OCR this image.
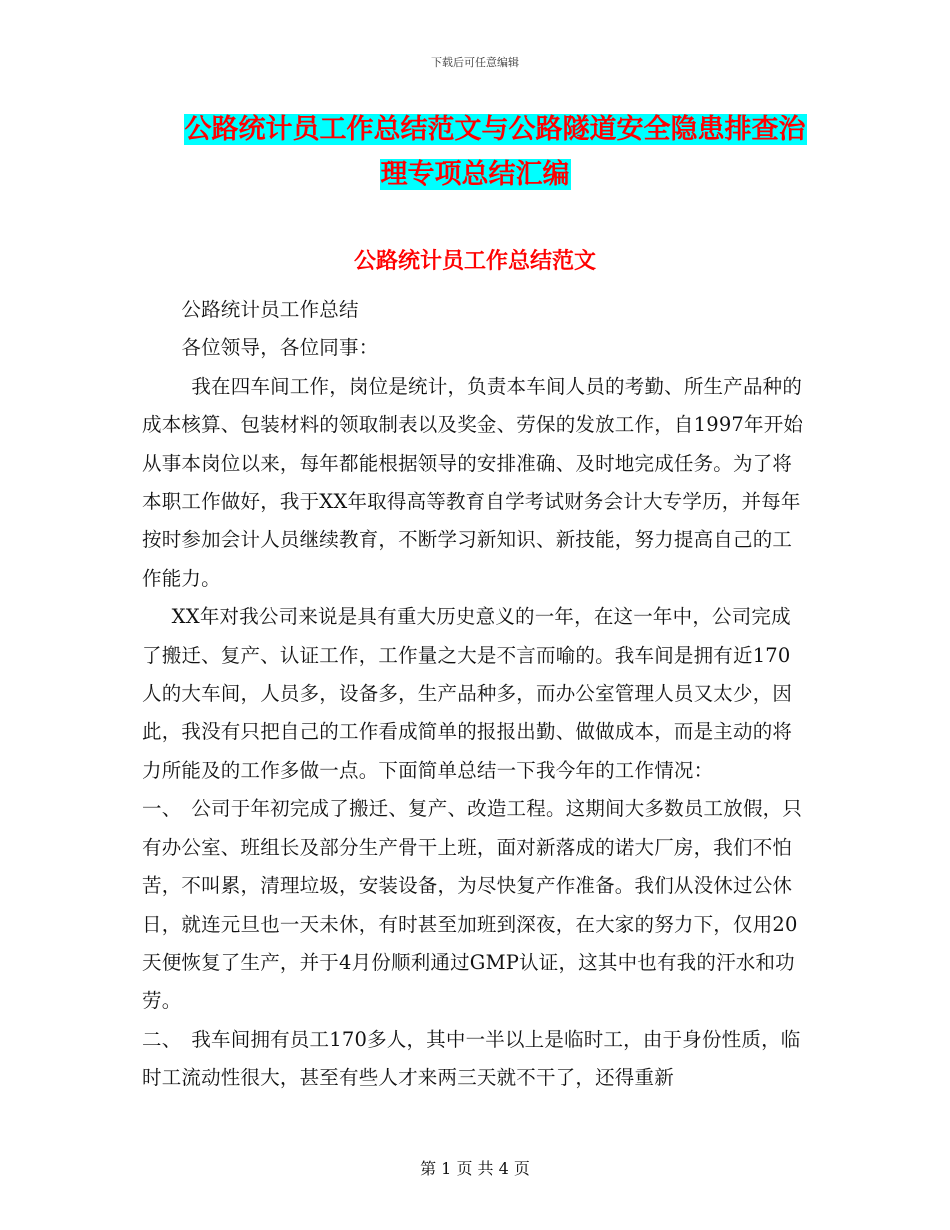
下载后可任意编辑
公路统计员工作总结范文与公路隧道安全隐患排查治
理专项总结汇编
公路统计员工作总结范文

　　公路统计员工作总结

　　各位领导，各位同事：

　　 我在四车间工作，岗位是统计，负责本车间人员的考勤、所生产品种的成本核算、包装材料的领取制表以及奖金、劳保的发放工作，自1997年开始从事本岗位以来，每年都能根据领导的安排准确、及时地完成任务。为了将本职工作做好，我于XX年取得高等教育自学考试财务会计大专学历，并每年按时参加会计人员继续教育，不断学习新知识、新技能，努力提高自己的工作能力。

　 XX年对我公司来说是具有重大历史意义的一年，在这一年中，公司完成了搬迁、复产、认证工作，工作量之大是不言而喻的。我车间是拥有近170人的大车间，人员多，设备多，生产品种多，而办公室管理人员又太少，因此，我没有只把自己的工作看成简单的报报出勤、做做成本，而是主动的将力所能及的工作多做一点。下面简单总结一下我今年的工作情况：

一、　公司于年初完成了搬迁、复产、改造工程。这期间大多数员工放假，只有办公室、班组长及部分生产骨干上班，面对新落成的诺大厂房，我们不怕苦，不叫累，清理垃圾，安装设备，为尽快复产作准备。我们从没休过公休日，就连元旦也一天未休，有时甚至加班到深夜，在大家的努力下，仅用20天便恢复了生产，并于4月份顺利通过GMP认证，这其中也有我的汗水和功劳。

二、　我车间拥有员工170多人，其中一半以上是临时工，由于身份性质，临时工流动性很大，甚至有些人才来两三天就不干了，还得重新

第 1 页 共 4 页
